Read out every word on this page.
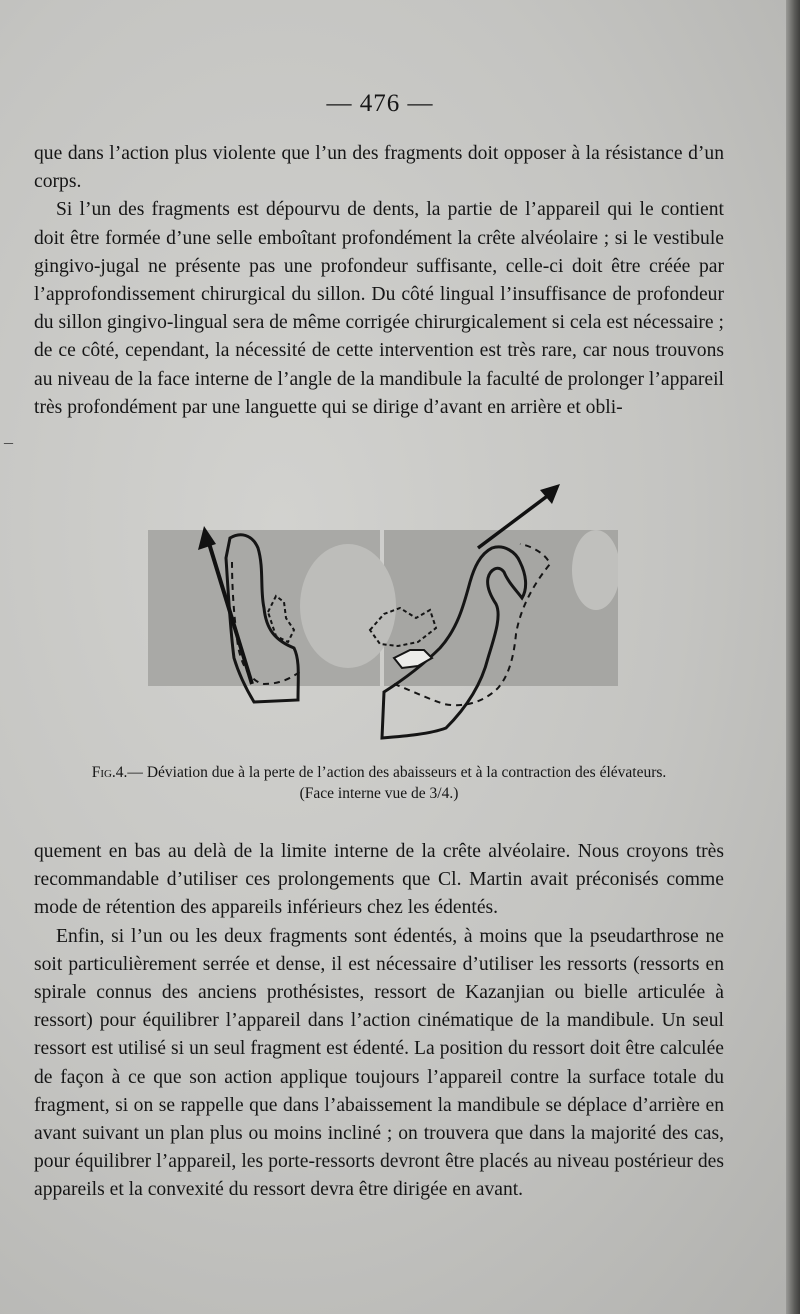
— 476 —

que dans l’action plus violente que l’un des fragments doit opposer à la résistance d’un corps.

Si l’un des fragments est dépourvu de dents, la partie de l’appareil qui le contient doit être formée d’une selle emboîtant profondément la crête alvéolaire ; si le vestibule gingivo-jugal ne présente pas une profondeur suffisante, celle-ci doit être créée par l’approfondissement chirurgical du sillon. Du côté lingual l’insuffisance de profondeur du sillon gingivo-lingual sera de même corrigée chirurgicalement si cela est nécessaire ; de ce côté, cependant, la nécessité de cette intervention est très rare, car nous trouvons au niveau de la face interne de l’angle de la mandibule la faculté de prolonger l’appareil très profondément par une languette qui se dirige d’avant en arrière et obli-

–
Fig.4.— Déviation due à la perte de l’action des abaisseurs et à la contraction des élévateurs.
(Face interne vue de 3/4.)

quement en bas au delà de la limite interne de la crête alvéolaire. Nous croyons très recommandable d’utiliser ces prolongements que Cl. Martin avait préconisés comme mode de rétention des appareils inférieurs chez les édentés.

Enfin, si l’un ou les deux fragments sont édentés, à moins que la pseudarthrose ne soit particulièrement serrée et dense, il est nécessaire d’utiliser les ressorts (ressorts en spirale connus des anciens prothésistes, ressort de Kazanjian ou bielle articulée à ressort) pour équilibrer l’appareil dans l’action cinématique de la mandibule. Un seul ressort est utilisé si un seul fragment est édenté. La position du ressort doit être calculée de façon à ce que son action applique toujours l’appareil contre la surface totale du fragment, si on se rappelle que dans l’abaissement la mandibule se déplace d’arrière en avant suivant un plan plus ou moins incliné ; on trouvera que dans la majorité des cas, pour équilibrer l’appareil, les porte-ressorts devront être placés au niveau postérieur des appareils et la convexité du ressort devra être dirigée en avant.
